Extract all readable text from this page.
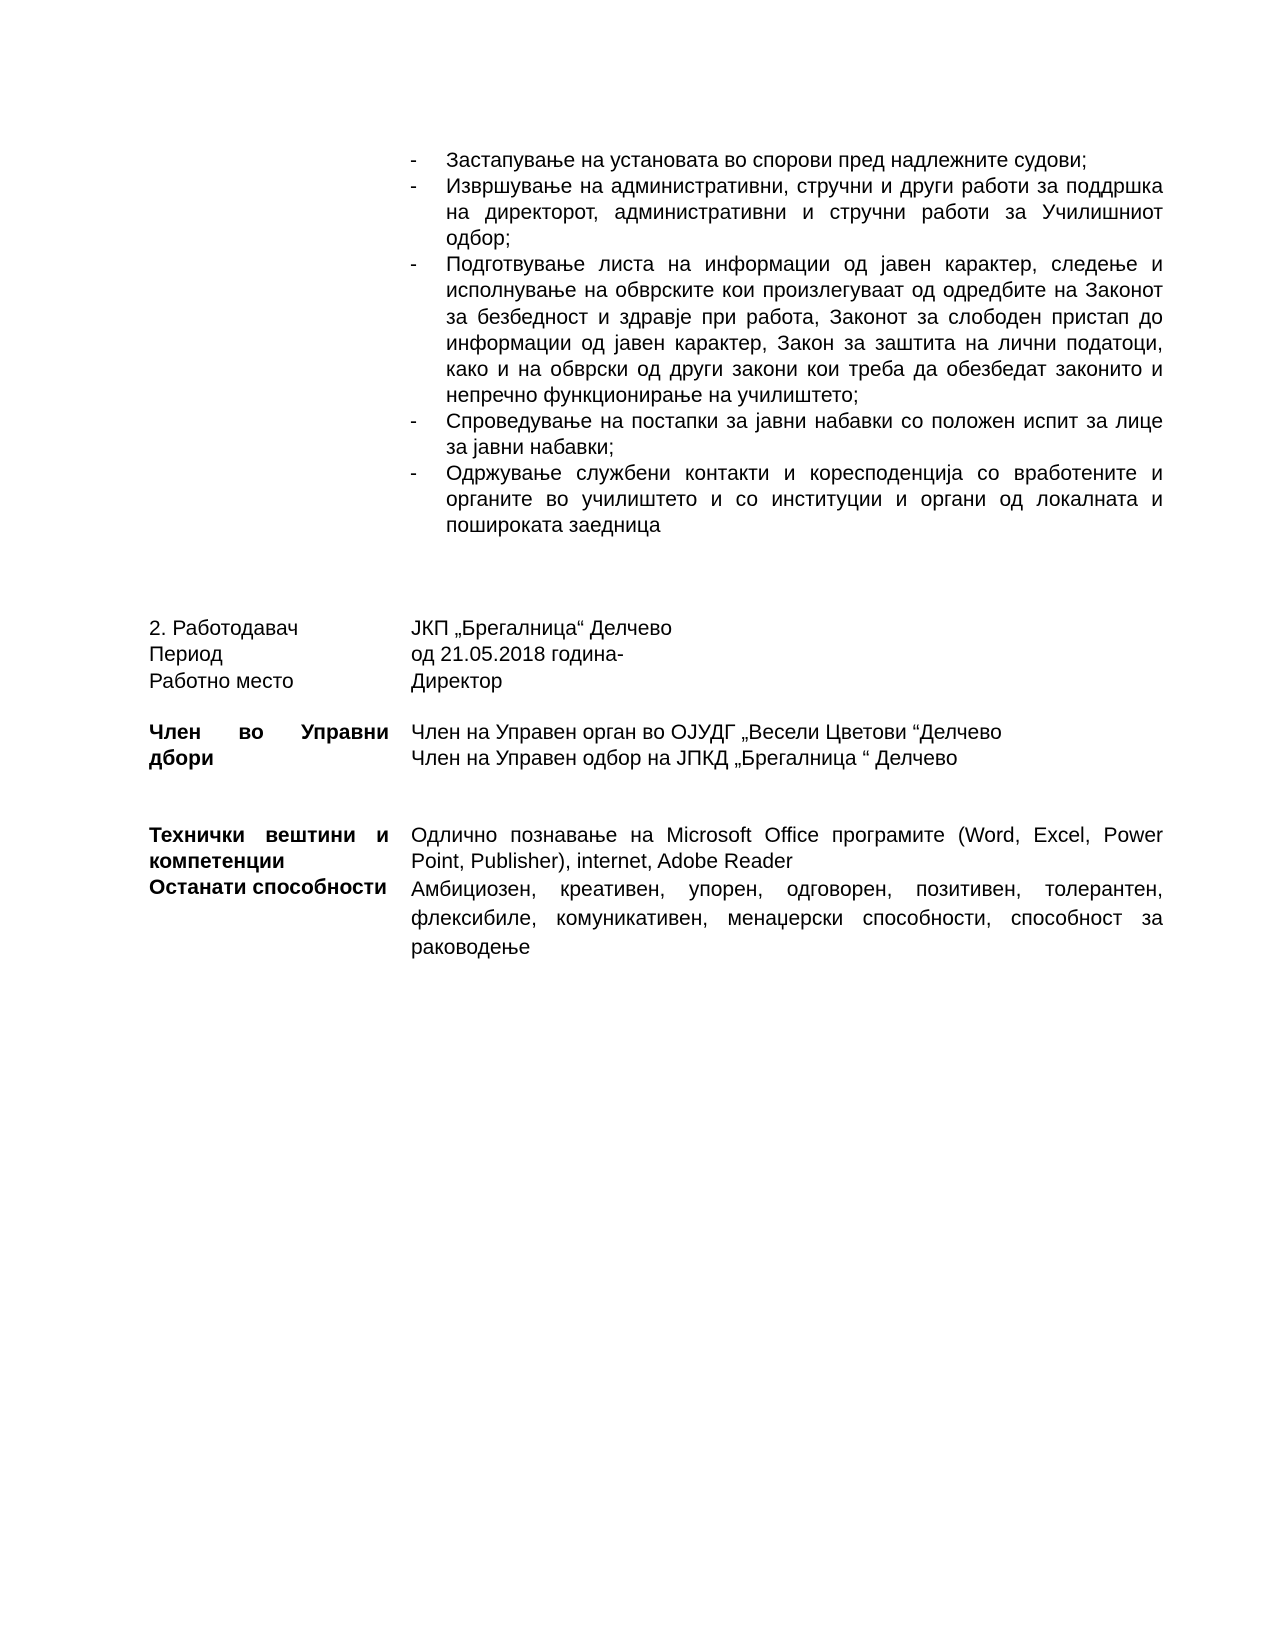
- Застапување на установата во спорови пред надлежните судови;
- Извршување на административни, стручни и други работи за поддршка на директорот, административни и стручни работи за Училишниот одбор;
- Подготвување листа на информации од јавен карактер, следење и исполнување на обврските кои произлегуваат од одредбите на Законот за безбедност и здравје при работа, Законот за слободен пристап до информации од јавен карактер, Закон за заштита на лични податоци, како и на обврски од други закони кои треба да обезбедат законито и непречно функционирање на училиштето;
- Спроведување на постапки за јавни набавки со положен испит за лице за јавни набавки;
- Одржување службени контакти и коресподенција со вработените и органите во училиштето и со институции и органи од локалната и пошироката заедница
2. Работодавач
Период
Работно место
ЈКП „Брегалница“ Делчево
од 21.05.2018 година-
Директор
Член во Управни дбори
Член на Управен орган во ОЈУДГ „Весели Цветови “Делчево
Член на Управен одбор на ЈПКД „Брегалница “ Делчево
Технички вештини и компетенции
Одлично познавање на Microsoft Office програмите (Word, Excel, Power Point, Publisher), internet, Adobe Reader
Останати способности Амбициозен, креативен, упорен, одговорен, позитивен, толерантен, флексибиле, комуникативен, менаџерски способности, способност за раководење
